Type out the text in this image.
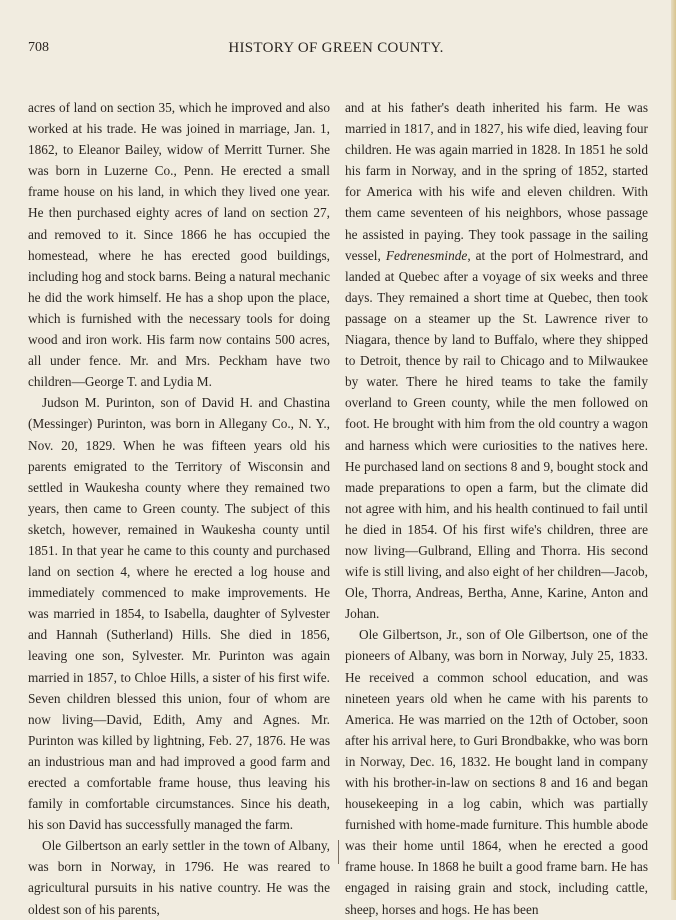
708	HISTORY OF GREEN COUNTY.

acres of land on section 35, which he improved and also worked at his trade. He was joined in marriage, Jan. 1, 1862, to Eleanor Bailey, widow of Merritt Turner. She was born in Luzerne Co., Penn. He erected a small frame house on his land, in which they lived one year. He then purchased eighty acres of land on section 27, and removed to it. Since 1866 he has occupied the homestead, where he has erected good buildings, including hog and stock barns. Being a natural mechanic he did the work himself. He has a shop upon the place, which is furnished with the necessary tools for doing wood and iron work. His farm now contains 500 acres, all under fence. Mr. and Mrs. Peckham have two children—George T. and Lydia M.

Judson M. Purinton, son of David H. and Chastina (Messinger) Purinton, was born in Allegany Co., N. Y., Nov. 20, 1829. When he was fifteen years old his parents emigrated to the Territory of Wisconsin and settled in Waukesha county where they remained two years, then came to Green county. The subject of this sketch, however, remained in Waukesha county until 1851. In that year he came to this county and purchased land on section 4, where he erected a log house and immediately commenced to make improvements. He was married in 1854, to Isabella, daughter of Sylvester and Hannah (Sutherland) Hills. She died in 1856, leaving one son, Sylvester. Mr. Purinton was again married in 1857, to Chloe Hills, a sister of his first wife. Seven children blessed this union, four of whom are now living—David, Edith, Amy and Agnes. Mr. Purinton was killed by lightning, Feb. 27, 1876. He was an industrious man and had improved a good farm and erected a comfortable frame house, thus leaving his family in comfortable circumstances. Since his death, his son David has successfully managed the farm.

Ole Gilbertson an early settler in the town of Albany, was born in Norway, in 1796. He was reared to agricultural pursuits in his native country. He was the oldest son of his parents,

and at his father's death inherited his farm. He was married in 1817, and in 1827, his wife died, leaving four children. He was again married in 1828. In 1851 he sold his farm in Norway, and in the spring of 1852, started for America with his wife and eleven children. With them came seventeen of his neighbors, whose passage he assisted in paying. They took passage in the sailing vessel, Fedrenesminde, at the port of Holmestrard, and landed at Quebec after a voyage of six weeks and three days. They remained a short time at Quebec, then took passage on a steamer up the St. Lawrence river to Niagara, thence by land to Buffalo, where they shipped to Detroit, thence by rail to Chicago and to Milwaukee by water. There he hired teams to take the family overland to Green county, while the men followed on foot. He brought with him from the old country a wagon and harness which were curiosities to the natives here. He purchased land on sections 8 and 9, bought stock and made preparations to open a farm, but the climate did not agree with him, and his health continued to fail until he died in 1854. Of his first wife's children, three are now living—Gulbrand, Elling and Thorra. His second wife is still living, and also eight of her children—Jacob, Ole, Thorra, Andreas, Bertha, Anne, Karine, Anton and Johan.

Ole Gilbertson, Jr., son of Ole Gilbertson, one of the pioneers of Albany, was born in Norway, July 25, 1833. He received a common school education, and was nineteen years old when he came with his parents to America. He was married on the 12th of October, soon after his arrival here, to Guri Brondbakke, who was born in Norway, Dec. 16, 1832. He bought land in company with his brother-in-law on sections 8 and 16 and began housekeeping in a log cabin, which was partially furnished with home-made furniture. This humble abode was their home until 1864, when he erected a good frame house. In 1868 he built a good frame barn. He has engaged in raising grain and stock, including cattle, sheep, horses and hogs. He has been
